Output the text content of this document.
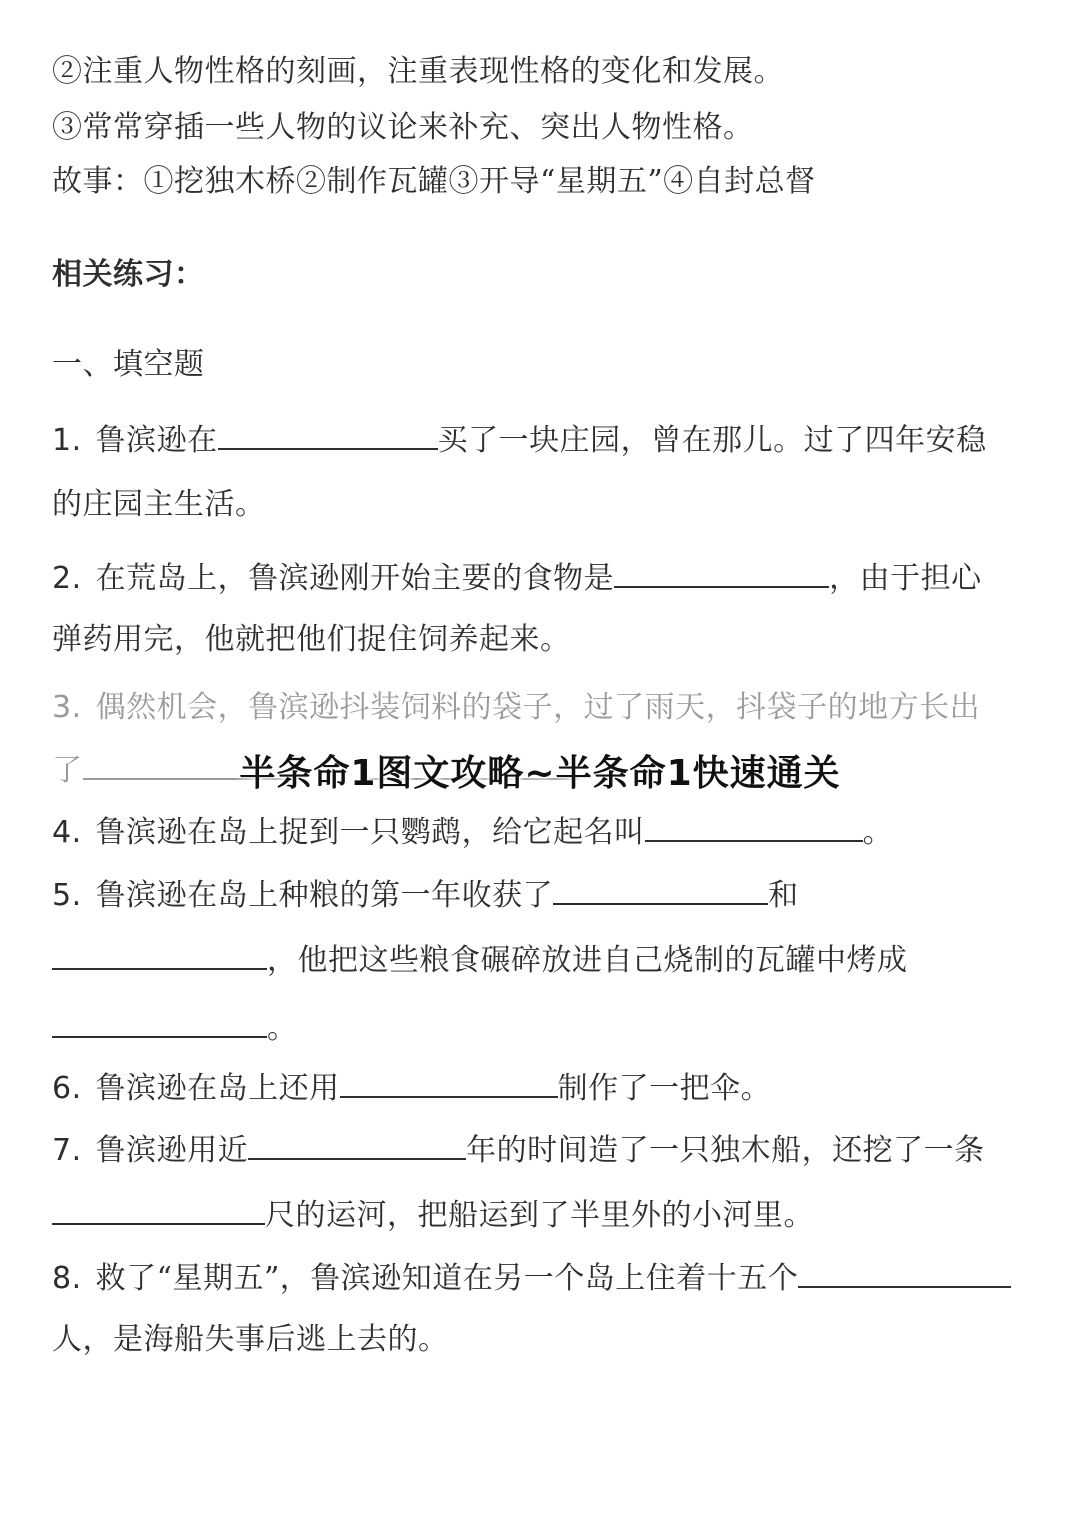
②注重人物性格的刻画，注重表现性格的变化和发展。
③常常穿插一些人物的议论来补充、突出人物性格。
故事：①挖独木桥②制作瓦罐③开导“星期五”④自封总督
相关练习：
一、填空题
1. 鲁滨逊在	买了一块庄园，曾在那儿。过了四年安稳
的庄园主生活。
2. 在荒岛上，鲁滨逊刚开始主要的食物是	，由于担心
弹药用完，他就把他们捉住饲养起来。
3. 偶然机会，鲁滨逊抖装饲料的袋子，过了雨天，抖袋子的地方长出
了
4. 鲁滨逊在岛上捉到一只鹦鹉，给它起名叫	。
5. 鲁滨逊在岛上种粮的第一年收获了	和
，他把这些粮食碾碎放进自己烧制的瓦罐中烤成
。
6. 鲁滨逊在岛上还用	制作了一把伞。
7. 鲁滨逊用近	年的时间造了一只独木船，还挖了一条
尺的运河，把船运到了半里外的小河里。
8. 救了“星期五”，鲁滨逊知道在另一个岛上住着十五个
人，是海船失事后逃上去的。
半条命1图文攻略~半条命1快速通关
